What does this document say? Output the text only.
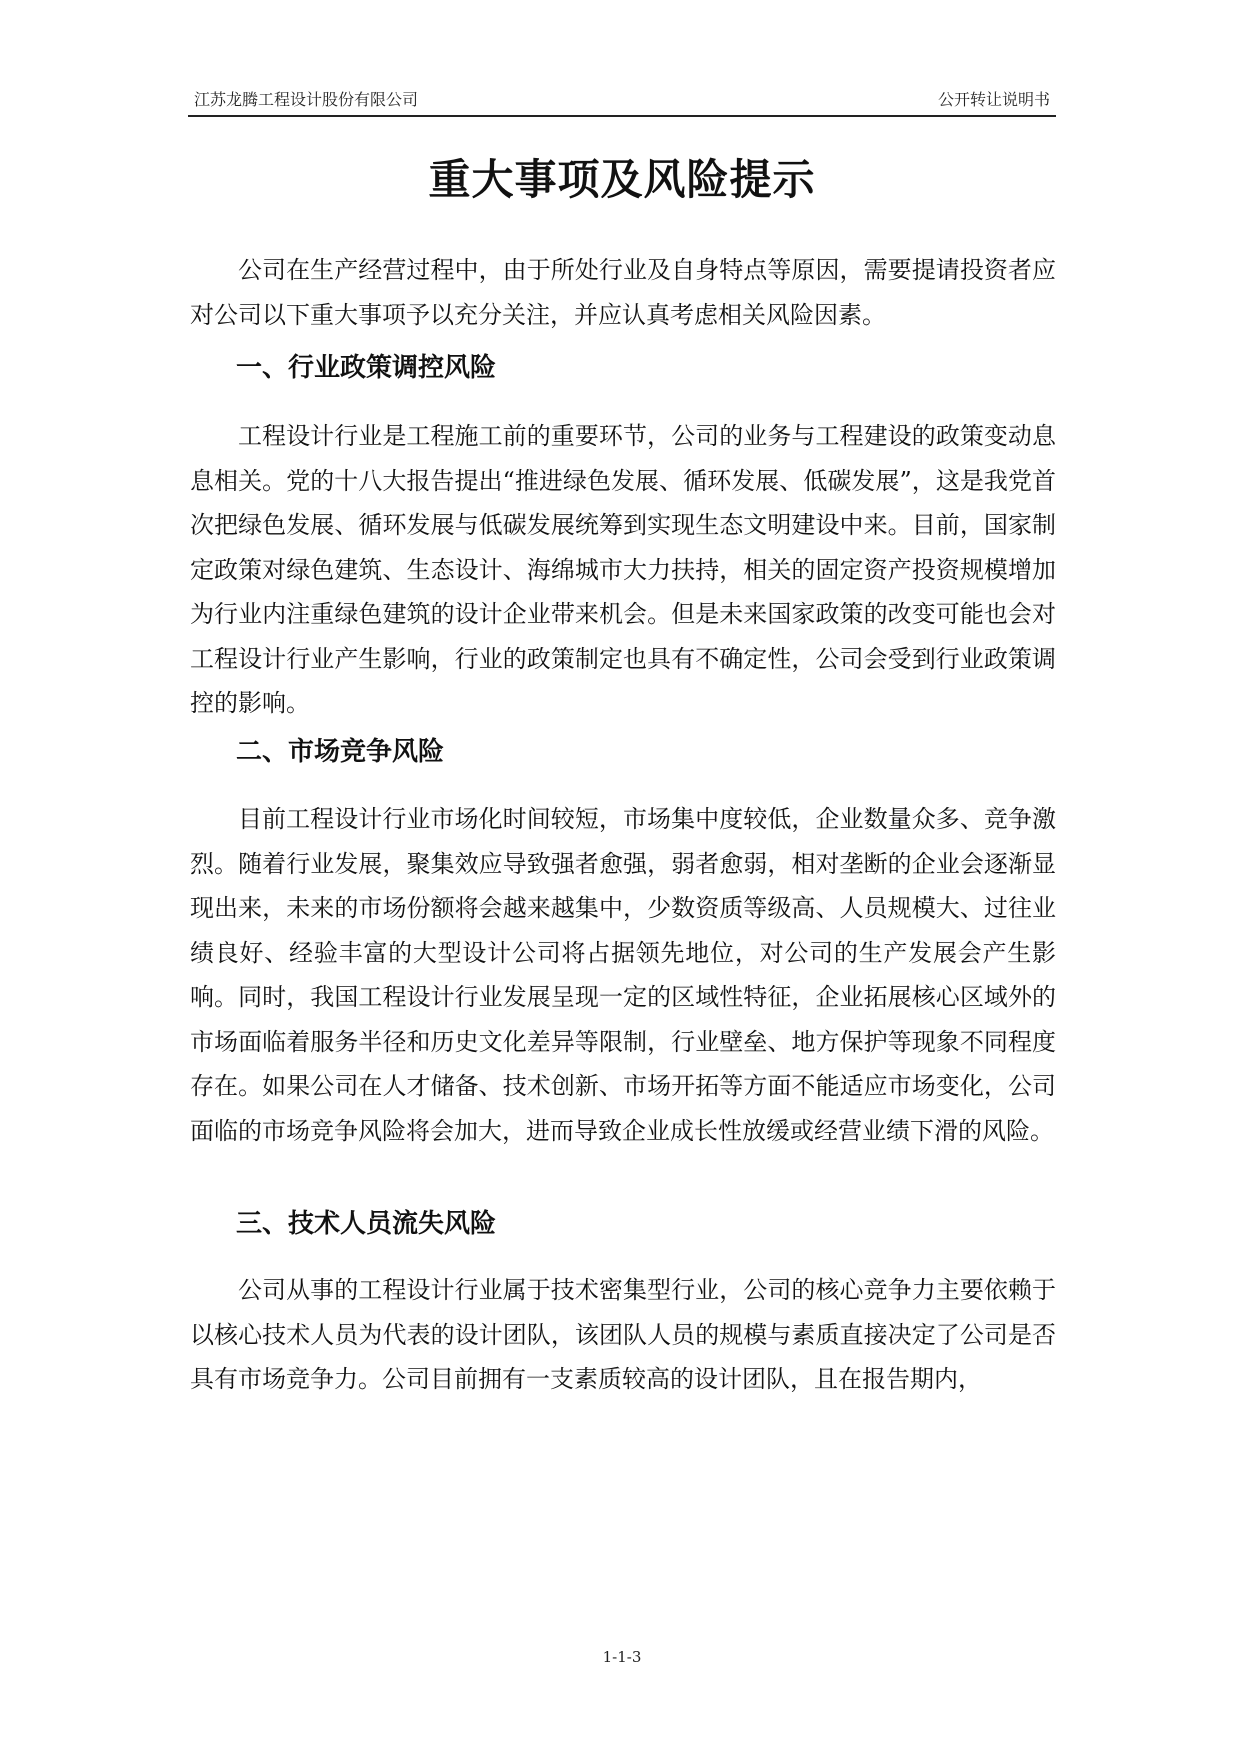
江苏龙腾工程设计股份有限公司	公开转让说明书
重大事项及风险提示

公司在生产经营过程中，由于所处行业及自身特点等原因，需要提请投资者应对公司以下重大事项予以充分关注，并应认真考虑相关风险因素。

一、行业政策调控风险

工程设计行业是工程施工前的重要环节，公司的业务与工程建设的政策变动息息相关。党的十八大报告提出“推进绿色发展、循环发展、低碳发展”，这是我党首次把绿色发展、循环发展与低碳发展统筹到实现生态文明建设中来。目前，国家制定政策对绿色建筑、生态设计、海绵城市大力扶持，相关的固定资产投资规模增加为行业内注重绿色建筑的设计企业带来机会。但是未来国家政策的改变可能也会对工程设计行业产生影响，行业的政策制定也具有不确定性，公司会受到行业政策调控的影响。

二、市场竞争风险

目前工程设计行业市场化时间较短，市场集中度较低，企业数量众多、竞争激烈。随着行业发展，聚集效应导致强者愈强，弱者愈弱，相对垄断的企业会逐渐显现出来，未来的市场份额将会越来越集中，少数资质等级高、人员规模大、过往业绩良好、经验丰富的大型设计公司将占据领先地位，对公司的生产发展会产生影响。同时，我国工程设计行业发展呈现一定的区域性特征，企业拓展核心区域外的市场面临着服务半径和历史文化差异等限制，行业壁垒、地方保护等现象不同程度存在。如果公司在人才储备、技术创新、市场开拓等方面不能适应市场变化，公司面临的市场竞争风险将会加大，进而导致企业成长性放缓或经营业绩下滑的风险。

三、技术人员流失风险

公司从事的工程设计行业属于技术密集型行业，公司的核心竞争力主要依赖于以核心技术人员为代表的设计团队，该团队人员的规模与素质直接决定了公司是否具有市场竞争力。公司目前拥有一支素质较高的设计团队，且在报告期内，

1-1-3
